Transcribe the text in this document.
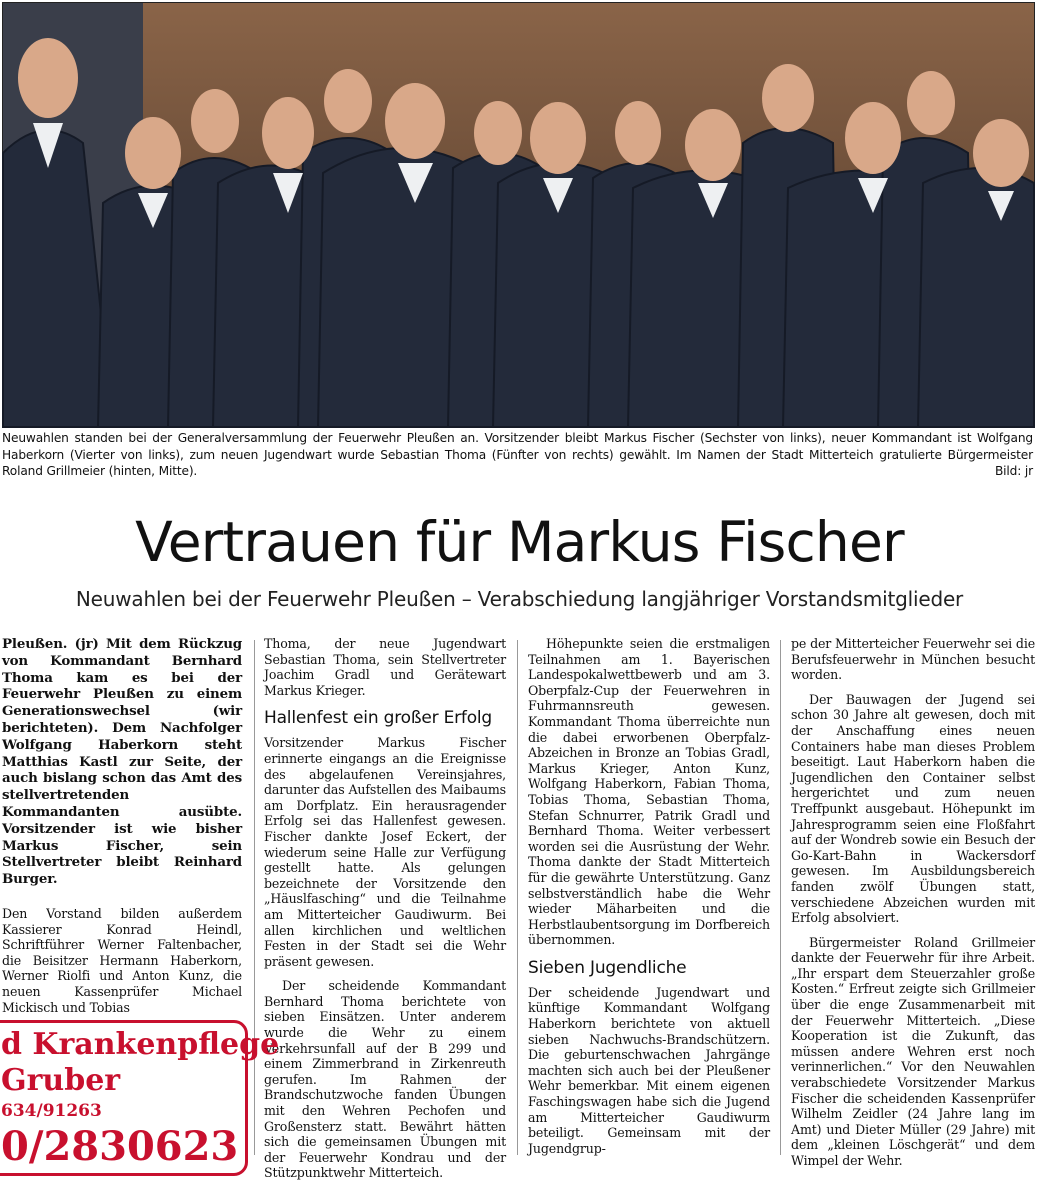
Neuwahlen standen bei der Generalversammlung der Feuerwehr Pleußen an. Vorsitzender bleibt Markus Fischer (Sechster von links), neuer Kommandant ist Wolfgang Haberkorn (Vierter von links), zum neuen Jugendwart wurde Sebastian Thoma (Fünfter von rechts) gewählt. Im Namen der Stadt Mitterteich gratulierte Bürgermeister Roland Grillmeier (hinten, Mitte).	Bild: jr
Vertrauen für Markus Fischer
Neuwahlen bei der Feuerwehr Pleußen – Verabschiedung langjähriger Vorstandsmitglieder

Pleußen. (jr) Mit dem Rückzug von Kommandant Bernhard Thoma kam es bei der Feuerwehr Pleußen zu einem Generationswechsel (wir berichteten). Dem Nachfolger Wolfgang Haberkorn steht Matthias Kastl zur Seite, der auch bislang schon das Amt des stellvertretenden Kommandanten ausübte. Vorsitzender ist wie bisher Markus Fischer, sein Stellvertreter bleibt Reinhard Burger.

Den Vorstand bilden außerdem Kassierer Konrad Heindl, Schriftführer Werner Faltenbacher, die Beisitzer Hermann Haberkorn, Werner Riolfi und Anton Kunz, die neuen Kassenprüfer Michael Mickisch und Tobias

Thoma, der neue Jugendwart Sebastian Thoma, sein Stellvertreter Joachim Gradl und Gerätewart Markus Krieger.

Hallenfest ein großer Erfolg

Vorsitzender Markus Fischer erinnerte eingangs an die Ereignisse des abgelaufenen Vereinsjahres, darunter das Aufstellen des Maibaums am Dorfplatz. Ein herausragender Erfolg sei das Hallenfest gewesen. Fischer dankte Josef Eckert, der wiederum seine Halle zur Verfügung gestellt hatte. Als gelungen bezeichnete der Vorsitzende den „Häuslfasching“ und die Teilnahme am Mitterteicher Gaudiwurm. Bei allen kirchlichen und weltlichen Festen in der Stadt sei die Wehr präsent gewesen.

Der scheidende Kommandant Bernhard Thoma berichtete von sieben Einsätzen. Unter anderem wurde die Wehr zu einem Verkehrsunfall auf der B 299 und einem Zimmerbrand in Zirkenreuth gerufen. Im Rahmen der Brandschutzwoche fanden Übungen mit den Wehren Pechofen und Großensterz statt. Bewährt hätten sich die gemeinsamen Übungen mit der Feuerwehr Kondrau und der Stützpunktwehr Mitterteich.

Höhepunkte seien die erstmaligen Teilnahmen am 1. Bayerischen Landespokalwettbewerb und am 3. Oberpfalz-Cup der Feuerwehren in Fuhrmannsreuth gewesen. Kommandant Thoma überreichte nun die dabei erworbenen Oberpfalz-Abzeichen in Bronze an Tobias Gradl, Markus Krieger, Anton Kunz, Wolfgang Haberkorn, Fabian Thoma, Tobias Thoma, Sebastian Thoma, Stefan Schnurrer, Patrik Gradl und Bernhard Thoma. Weiter verbessert worden sei die Ausrüstung der Wehr. Thoma dankte der Stadt Mitterteich für die gewährte Unterstützung. Ganz selbstverständlich habe die Wehr wieder Mäharbeiten und die Herbstlaubentsorgung im Dorfbereich übernommen.

Sieben Jugendliche

Der scheidende Jugendwart und künftige Kommandant Wolfgang Haberkorn berichtete von aktuell sieben Nachwuchs-Brandschützern. Die geburtenschwachen Jahrgänge machten sich auch bei der Pleußener Wehr bemerkbar. Mit einem eigenen Faschingswagen habe sich die Jugend am Mitterteicher Gaudiwurm beteiligt. Gemeinsam mit der Jugendgrup-

pe der Mitterteicher Feuerwehr sei die Berufsfeuerwehr in München besucht worden.

Der Bauwagen der Jugend sei schon 30 Jahre alt gewesen, doch mit der Anschaffung eines neuen Containers habe man dieses Problem beseitigt. Laut Haberkorn haben die Jugendlichen den Container selbst hergerichtet und zum neuen Treffpunkt ausgebaut. Höhepunkt im Jahresprogramm seien eine Floßfahrt auf der Wondreb sowie ein Besuch der Go-Kart-Bahn in Wackersdorf gewesen. Im Ausbildungsbereich fanden zwölf Übungen statt, verschiedene Abzeichen wurden mit Erfolg absolviert.

Bürgermeister Roland Grillmeier dankte der Feuerwehr für ihre Arbeit. „Ihr erspart dem Steuerzahler große Kosten.“ Erfreut zeigte sich Grillmeier über die enge Zusammenarbeit mit der Feuerwehr Mitterteich. „Diese Kooperation ist die Zukunft, das müssen andere Wehren erst noch verinnerlichen.“ Vor den Neuwahlen verabschiedete Vorsitzender Markus Fischer die scheidenden Kassenprüfer Wilhelm Zeidler (24 Jahre lang im Amt) und Dieter Müller (29 Jahre) mit dem „kleinen Löschgerät“ und dem Wimpel der Wehr.

d Krankenpflege
Gruber
634/91263
0/2830623
